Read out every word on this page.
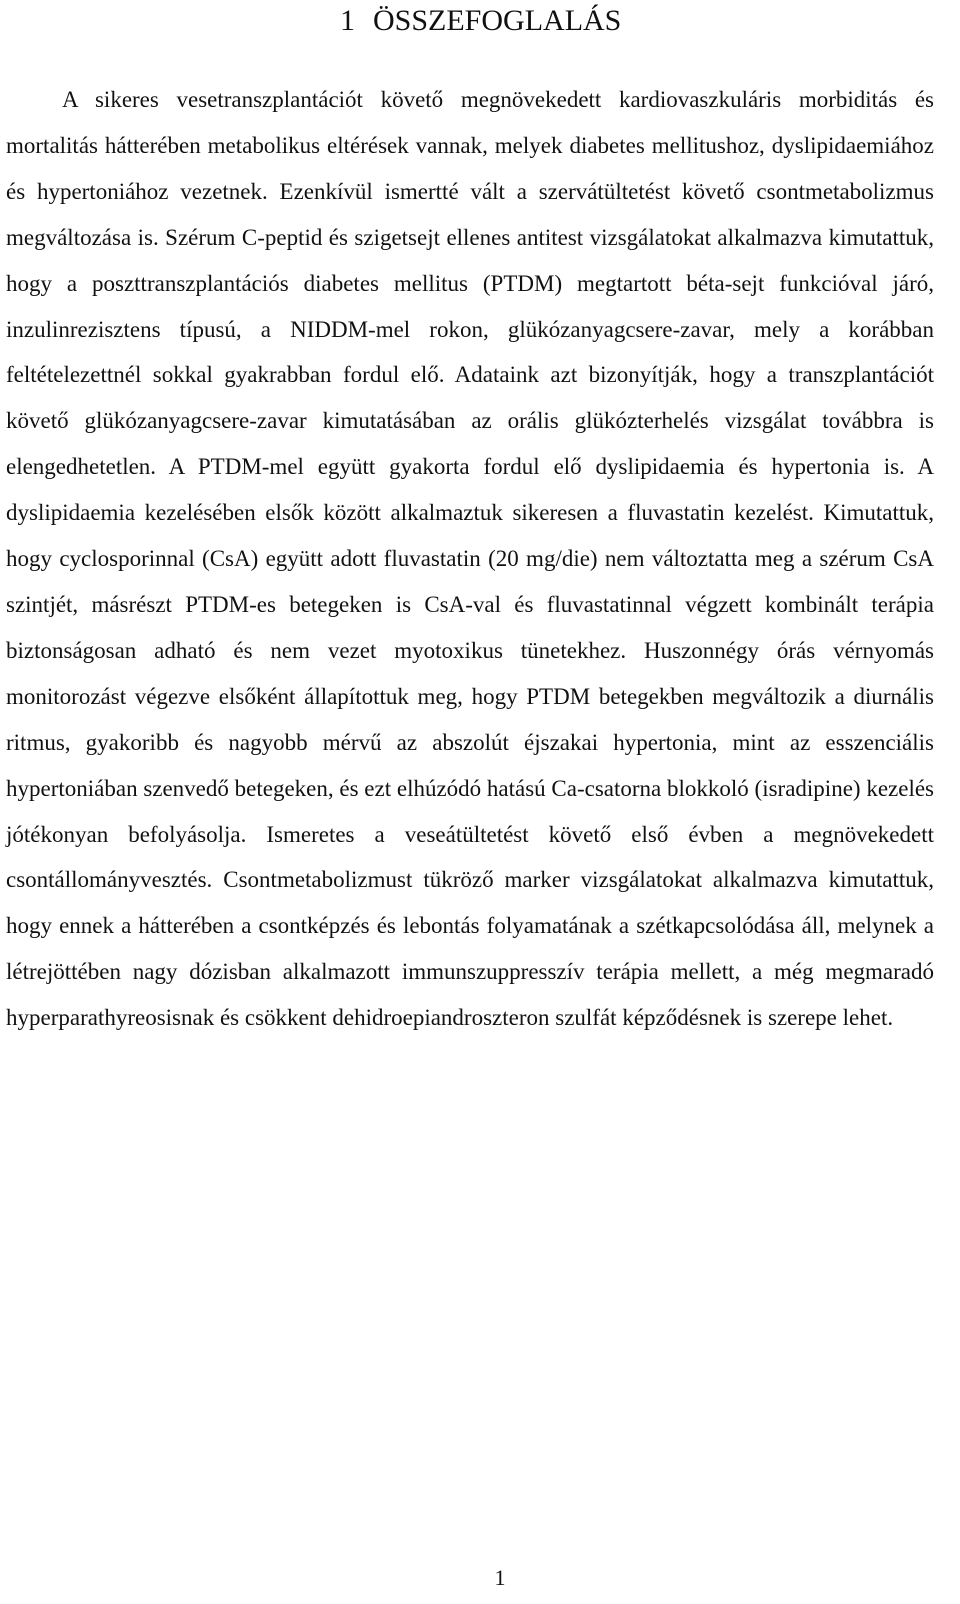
1 ÖSSZEFOGLALÁS

A sikeres vesetranszplantációt követő megnövekedett kardiovaszkuláris morbiditás és mortalitás hátterében metabolikus eltérések vannak, melyek diabetes mellitushoz, dyslipidaemiához és hypertoniához vezetnek. Ezenkívül ismertté vált a szervátültetést követő csontmetabolizmus megváltozása is. Szérum C-peptid és szigetsejt ellenes antitest vizsgálatokat alkalmazva kimutattuk, hogy a poszttranszplantációs diabetes mellitus (PTDM) megtartott béta-sejt funkcióval járó, inzulinrezisztens típusú, a NIDDM-mel rokon, glükózanyagcsere-zavar, mely a korábban feltételezettnél sokkal gyakrabban fordul elő. Adataink azt bizonyítják, hogy a transzplantációt követő glükózanyagcsere-zavar kimutatásában az orális glükózterhelés vizsgálat továbbra is elengedhetetlen. A PTDM-mel együtt gyakorta fordul elő dyslipidaemia és hypertonia is. A dyslipidaemia kezelésében elsők között alkalmaztuk sikeresen a fluvastatin kezelést. Kimutattuk, hogy cyclosporinnal (CsA) együtt adott fluvastatin (20 mg/die) nem változtatta meg a szérum CsA szintjét, másrészt PTDM-es betegeken is CsA-val és fluvastatinnal végzett kombinált terápia biztonságosan adható és nem vezet myotoxikus tünetekhez. Huszonnégy órás vérnyomás monitorozást végezve elsőként állapítottuk meg, hogy PTDM betegekben megváltozik a diurnális ritmus, gyakoribb és nagyobb mérvű az abszolút éjszakai hypertonia, mint az esszenciális hypertoniában szenvedő betegeken, és ezt elhúzódó hatású Ca-csatorna blokkoló (isradipine) kezelés jótékonyan befolyásolja. Ismeretes a veseátültetést követő első évben a megnövekedett csontállományvesztés. Csontmetabolizmust tükröző marker vizsgálatokat alkalmazva kimutattuk, hogy ennek a hátterében a csontképzés és lebontás folyamatának a szétkapcsolódása áll, melynek a létrejöttében nagy dózisban alkalmazott immunszuppresszív terápia mellett, a még megmaradó hyperparathyreosisnak és csökkent dehidroepiandroszteron szulfát képződésnek is szerepe lehet.

1
